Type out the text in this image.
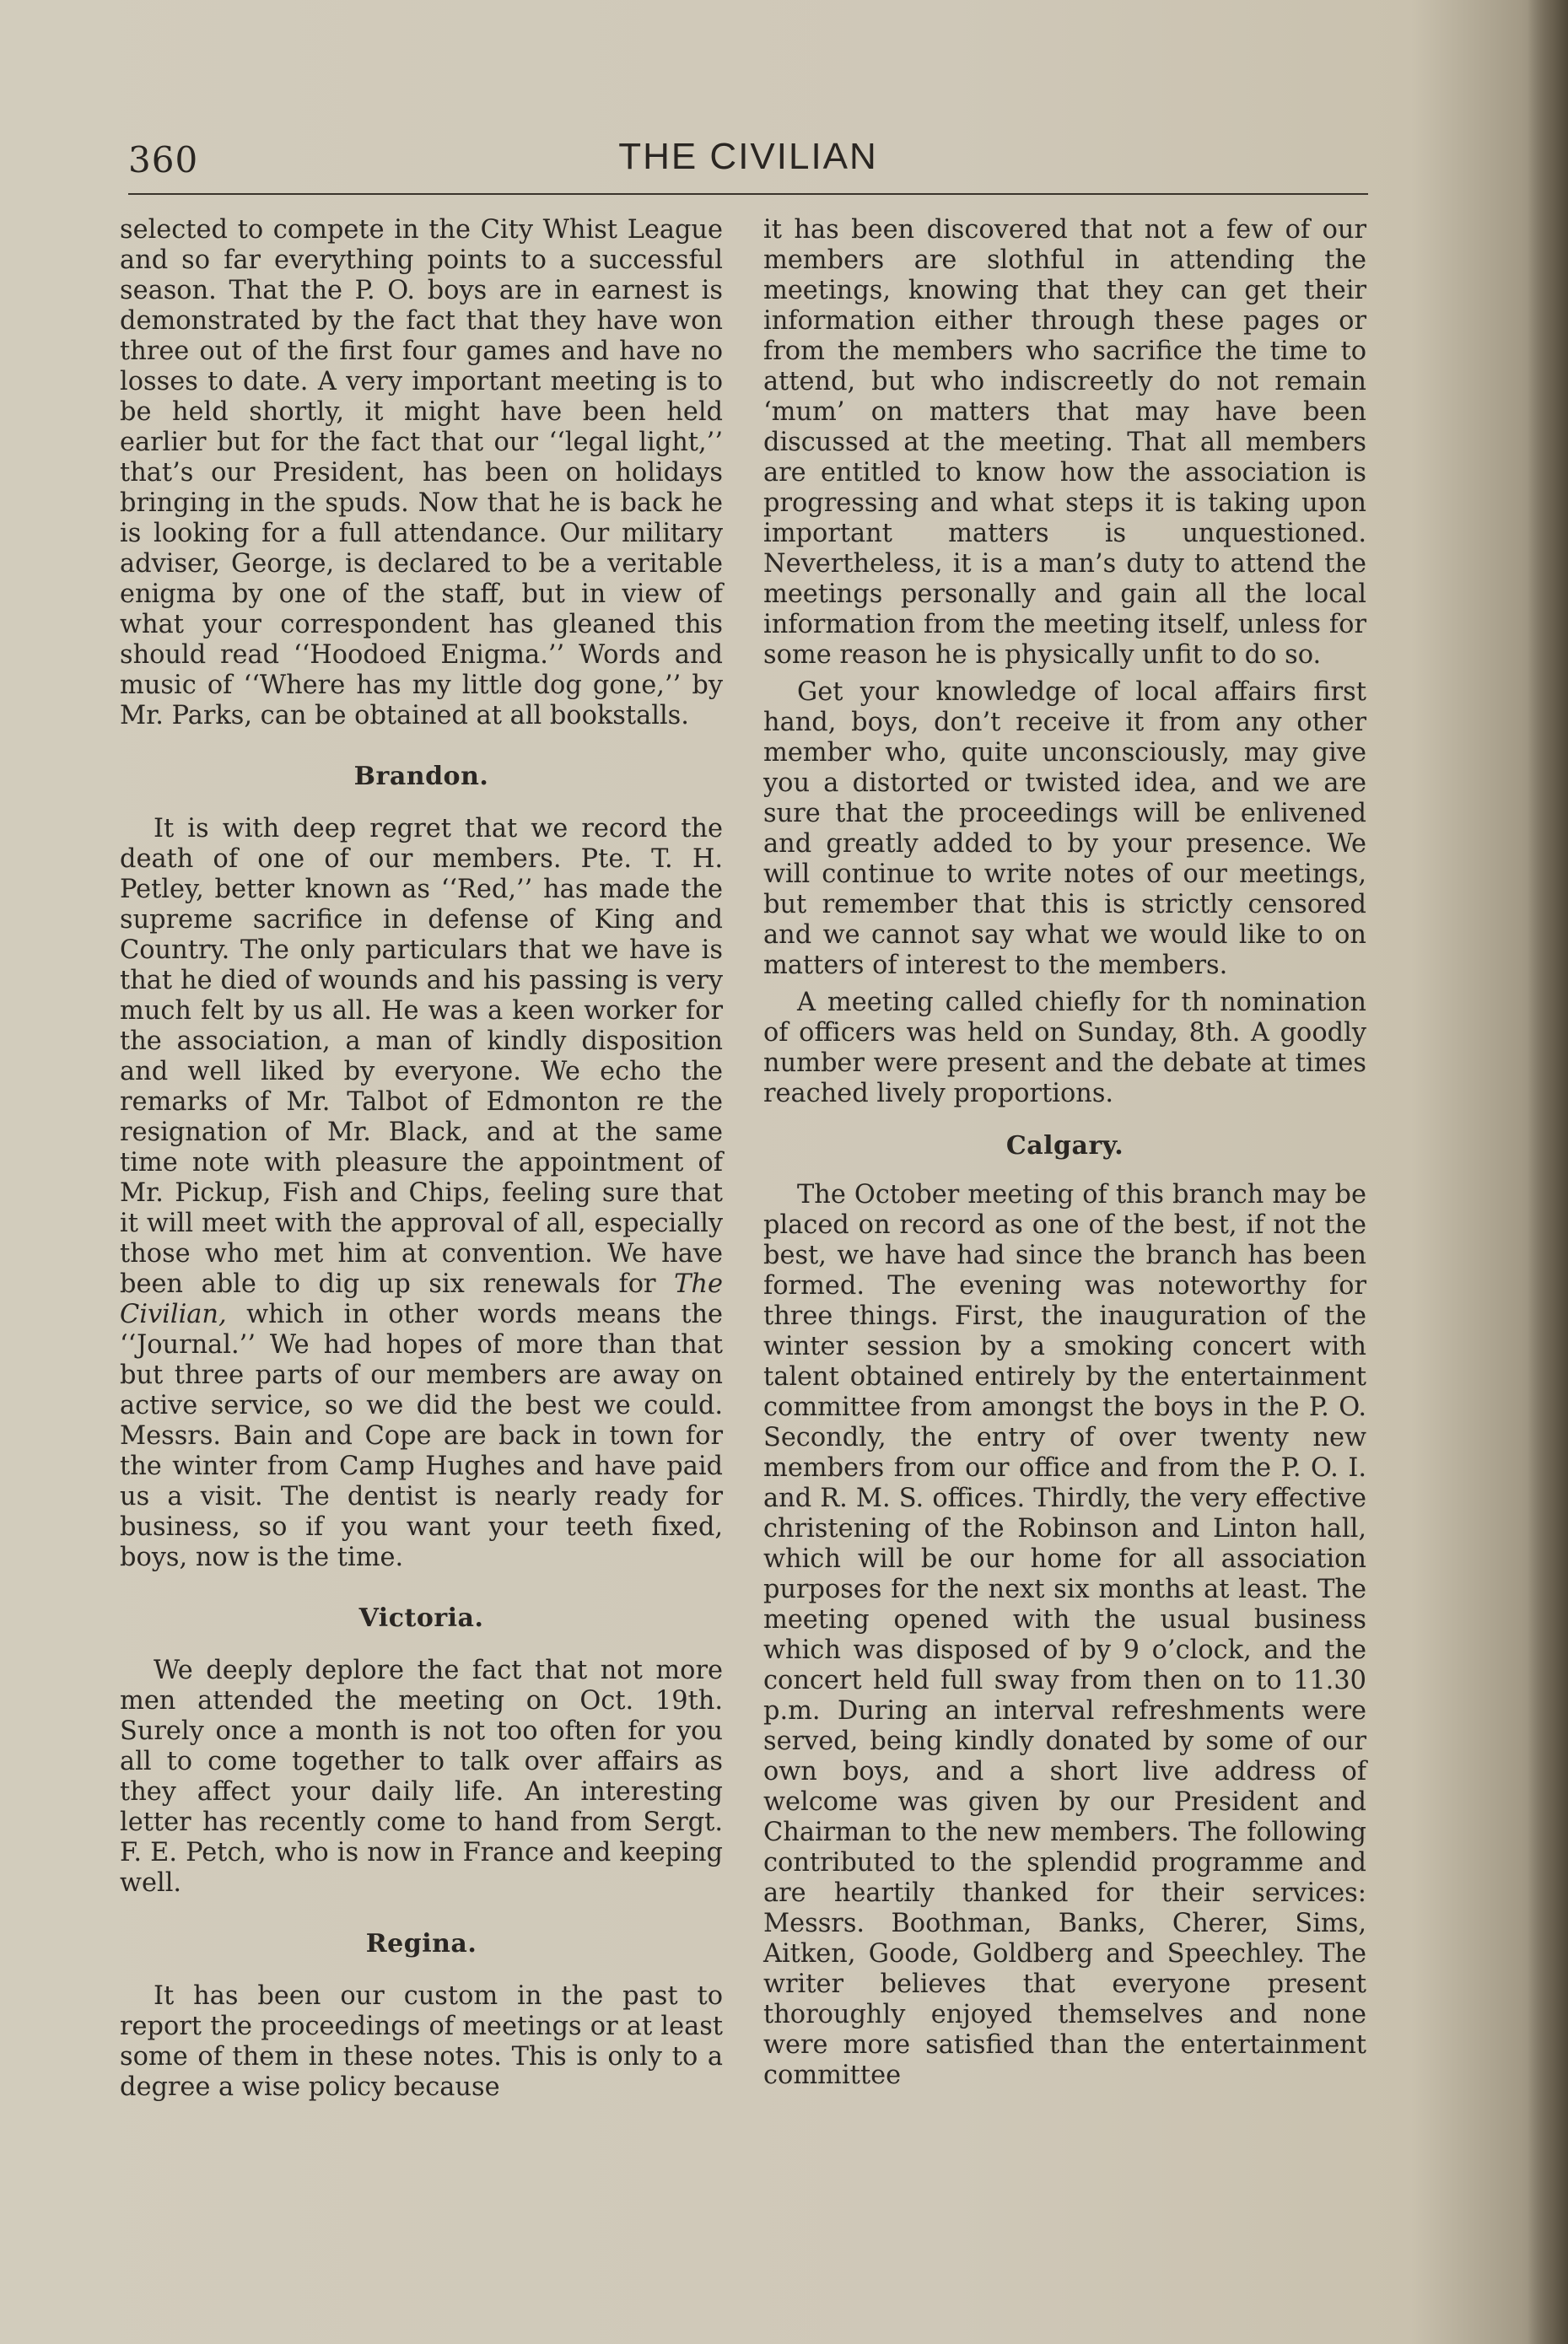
360	THE CIVILIAN

selected to compete in the City Whist League and so far everything points to a successful season. That the P. O. boys are in earnest is demonstrated by the fact that they have won three out of the first four games and have no losses to date. A very important meeting is to be held shortly, it might have been held earlier but for the fact that our ‘‘legal light,’’ that’s our President, has been on holidays bringing in the spuds. Now that he is back he is looking for a full attendance. Our military adviser, George, is declared to be a veritable enigma by one of the staff, but in view of what your correspondent has gleaned this should read ‘‘Hoodoed Enigma.’’ Words and music of ‘‘Where has my little dog gone,’’ by Mr. Parks, can be obtained at all bookstalls.

Brandon.

It is with deep regret that we record the death of one of our members. Pte. T. H. Petley, better known as ‘‘Red,’’ has made the supreme sacrifice in defense of King and Country. The only particulars that we have is that he died of wounds and his passing is very much felt by us all. He was a keen worker for the association, a man of kindly disposition and well liked by everyone. We echo the remarks of Mr. Talbot of Edmonton re the resignation of Mr. Black, and at the same time note with pleasure the appointment of Mr. Pickup, Fish and Chips, feeling sure that it will meet with the approval of all, especially those who met him at convention. We have been able to dig up six renewals for The Civilian, which in other words means the ‘‘Journal.’’ We had hopes of more than that but three parts of our members are away on active service, so we did the best we could. Messrs. Bain and Cope are back in town for the winter from Camp Hughes and have paid us a visit. The dentist is nearly ready for business, so if you want your teeth fixed, boys, now is the time.

Victoria.

We deeply deplore the fact that not more men attended the meeting on Oct. 19th. Surely once a month is not too often for you all to come together to talk over affairs as they affect your daily life. An interesting letter has recently come to hand from Sergt. F. E. Petch, who is now in France and keeping well.

Regina.

It has been our custom in the past to report the proceedings of meetings or at least some of them in these notes. This is only to a degree a wise policy because

it has been discovered that not a few of our members are slothful in attending the meetings, knowing that they can get their information either through these pages or from the members who sacrifice the time to attend, but who indiscreetly do not remain ‘mum’ on matters that may have been discussed at the meeting. That all members are entitled to know how the association is progressing and what steps it is taking upon important matters is unquestioned. Nevertheless, it is a man’s duty to attend the meetings personally and gain all the local information from the meeting itself, unless for some reason he is physically unfit to do so.

Get your knowledge of local affairs first hand, boys, don’t receive it from any other member who, quite unconsciously, may give you a distorted or twisted idea, and we are sure that the proceedings will be enlivened and greatly added to by your presence. We will continue to write notes of our meetings, but remember that this is strictly censored and we cannot say what we would like to on matters of interest to the members.

A meeting called chiefly for th nomination of officers was held on Sunday, 8th. A goodly number were present and the debate at times reached lively proportions.

Calgary.

The October meeting of this branch may be placed on record as one of the best, if not the best, we have had since the branch has been formed. The evening was noteworthy for three things. First, the inauguration of the winter session by a smoking concert with talent obtained entirely by the entertainment committee from amongst the boys in the P. O. Secondly, the entry of over twenty new members from our office and from the P. O. I. and R. M. S. offices. Thirdly, the very effective christening of the Robinson and Linton hall, which will be our home for all association purposes for the next six months at least. The meeting opened with the usual business which was disposed of by 9 o’clock, and the concert held full sway from then on to 11.30 p.m. During an interval refreshments were served, being kindly donated by some of our own boys, and a short live address of welcome was given by our President and Chairman to the new members. The following contributed to the splendid programme and are heartily thanked for their services: Messrs. Boothman, Banks, Cherer, Sims, Aitken, Goode, Goldberg and Speechley. The writer believes that everyone present thoroughly enjoyed themselves and none were more satisfied than the entertainment committee
